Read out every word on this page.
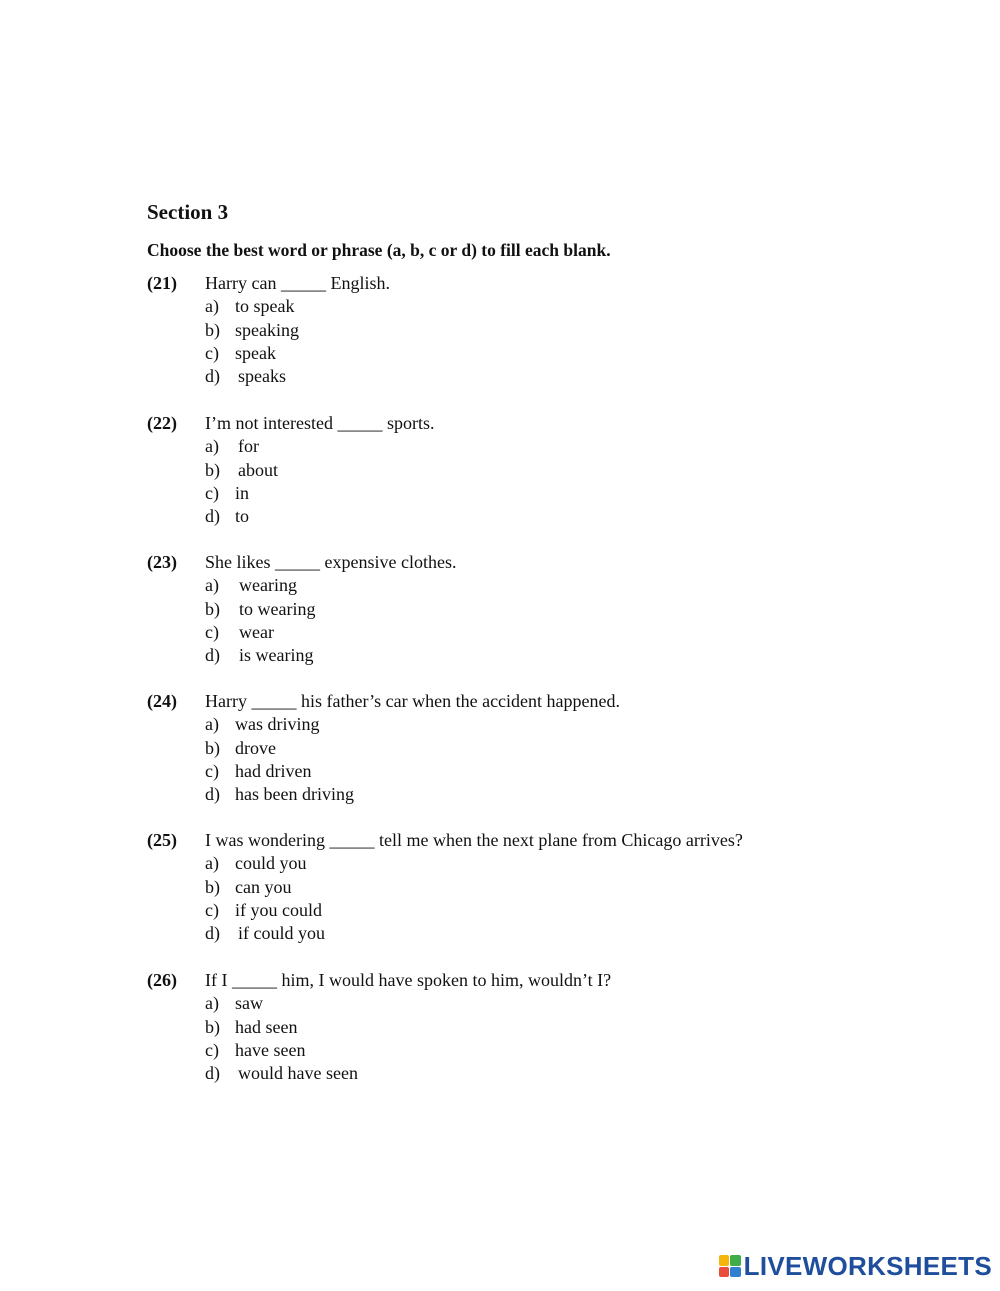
Section 3

Choose the best word or phrase (a, b, c or d) to fill each blank.

(21) Harry can _____ English.
a) to speak
b) speaking
c) speak
d) speaks
(22) I’m not interested _____ sports.
a) for
b) about
c) in
d) to
(23) She likes _____ expensive clothes.
a) wearing
b) to wearing
c) wear
d) is wearing
(24) Harry _____ his father’s car when the accident happened.
a) was driving
b) drove
c) had driven
d) has been driving
(25) I was wondering _____ tell me when the next plane from Chicago arrives?
a) could you
b) can you
c) if you could
d) if could you
(26) If I _____ him, I would have spoken to him, wouldn’t I?
a) saw
b) had seen
c) have seen
d) would have seen
LIVEWORKSHEETS
